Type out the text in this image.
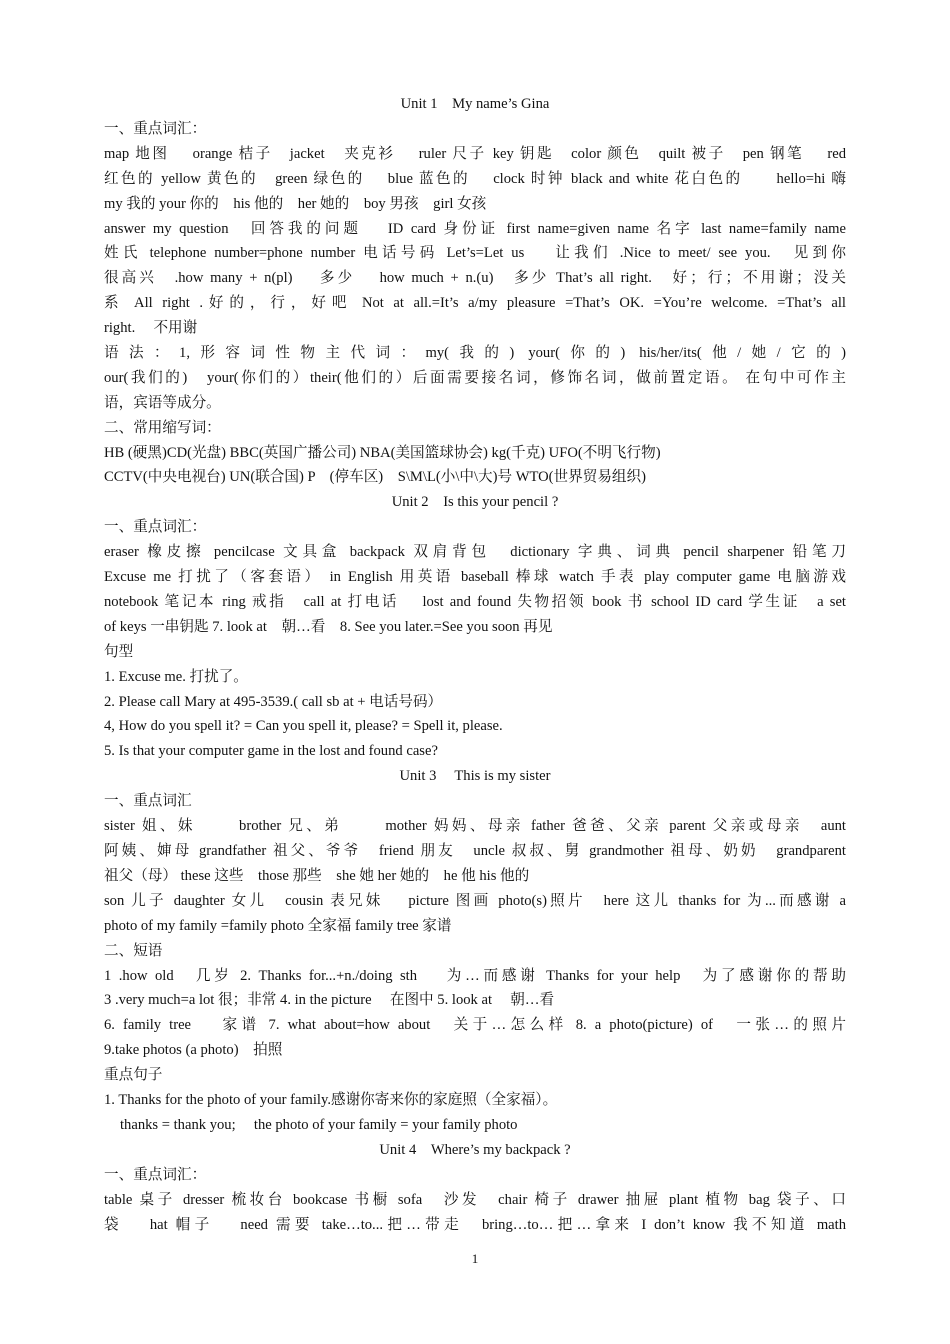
Unit 1　My name’s Gina
一、重点词汇：
map 地图　 orange 桔子　jacket　夹克衫　 ruler 尺子 key 钥匙　color 颜色　quilt 被子　pen 钢笔　 red
红色的 yellow 黄色的　green 绿色的　 blue 蓝色的　 clock 时钟 black and white 花白色的　　hello=hi 嗨
my 我的 your 你的　his 他的　her 她的　boy 男孩　girl 女孩
answer my question　回答我的问题　 ID card 身份证 first name=given name 名字 last name=family name
姓氏 telephone number=phone number 电话号码 Let’s=Let us　 让我们 .Nice to meet/ see you.　见到你
很高兴　.how many + n(pl)　 多少　 how much + n.(u)　多少 That’s all right.　好；行；不用谢；没关
系 All right .好的，行，好吧 Not at all.=It’s a/my pleasure =That’s OK. =You’re welcome. =That’s all
right.　 不用谢
语法：1,形容词性物主代词：my(我的) your(你的) his/her/its(他/她/它的)
our(我们的)　your(你们的）their(他们的）后面需要接名词，修饰名词，做前置定语。 在句中可作主
语，宾语等成分。
二、常用缩写词：
HB (硬黑)CD(光盘) BBC(英国广播公司) NBA(美国篮球协会) kg(千克) UFO(不明飞行物)
CCTV(中央电视台) UN(联合国) P　(停车区)　S\M\L(小\中\大)号 WTO(世界贸易组织)
Unit 2　Is this your pencil ?
一、重点词汇：
eraser 橡皮擦 pencilcase 文具盒 backpack 双肩背包　dictionary 字典、词典 pencil sharpener 铅笔刀
Excuse me 打扰了（客套语） in English 用英语 baseball 棒球 watch 手表 play computer game 电脑游戏
notebook 笔记本 ring 戒指　call at 打电话　 lost and found 失物招领 book 书 school ID card 学生证　a set
of keys 一串钥匙 7. look at　朝…看　8. See you later.=See you soon 再见
句型
1. Excuse me. 打扰了。
2. Please call Mary at 495-3539.( call sb at + 电话号码）
4, How do you spell it? = Can you spell it, please? = Spell it, please.
5. Is that your computer game in the lost and found case?
Unit 3　 This is my sister
一、重点词汇
sister 姐、妹　　 brother 兄、弟　　 mother 妈妈、母亲 father 爸爸、父亲 parent 父亲或母亲　aunt
阿姨、婶母 grandfather 祖父、爷爷　friend 朋友　uncle 叔叔、舅 grandmother 祖母、奶奶　grandparent
祖父（母） these 这些　those 那些　she 她 her 她的　he 他 his 他的
son 儿子 daughter 女儿　cousin 表兄妹　 picture 图画 photo(s)照片　here 这儿 thanks for 为...而感谢 a
photo of my family =family photo 全家福 family tree 家谱
二、短语
1 .how old　几岁 2. Thanks for...+n./doing sth　 为…而感谢 Thanks for your help　为了感谢你的帮助
3 .very much=a lot 很；非常 4. in the picture　 在图中 5. look at　 朝…看
6. family tree　 家谱 7. what about=how about　关于…怎么样 8. a photo(picture) of　一张…的照片
9.take photos (a photo)　拍照
重点句子
1. Thanks for the photo of your family.感谢你寄来你的家庭照（全家福）。
thanks = thank you;　 the photo of your family = your family photo
Unit 4　Where’s my backpack ?
一、重点词汇：
table 桌子 dresser 梳妆台 bookcase 书橱 sofa　沙发　chair 椅子 drawer 抽屉 plant 植物 bag 袋子、口
袋　 hat 帽子　 need 需要 take…to...把…带走　bring…to…把…拿来 I don’t know 我不知道 math
1
